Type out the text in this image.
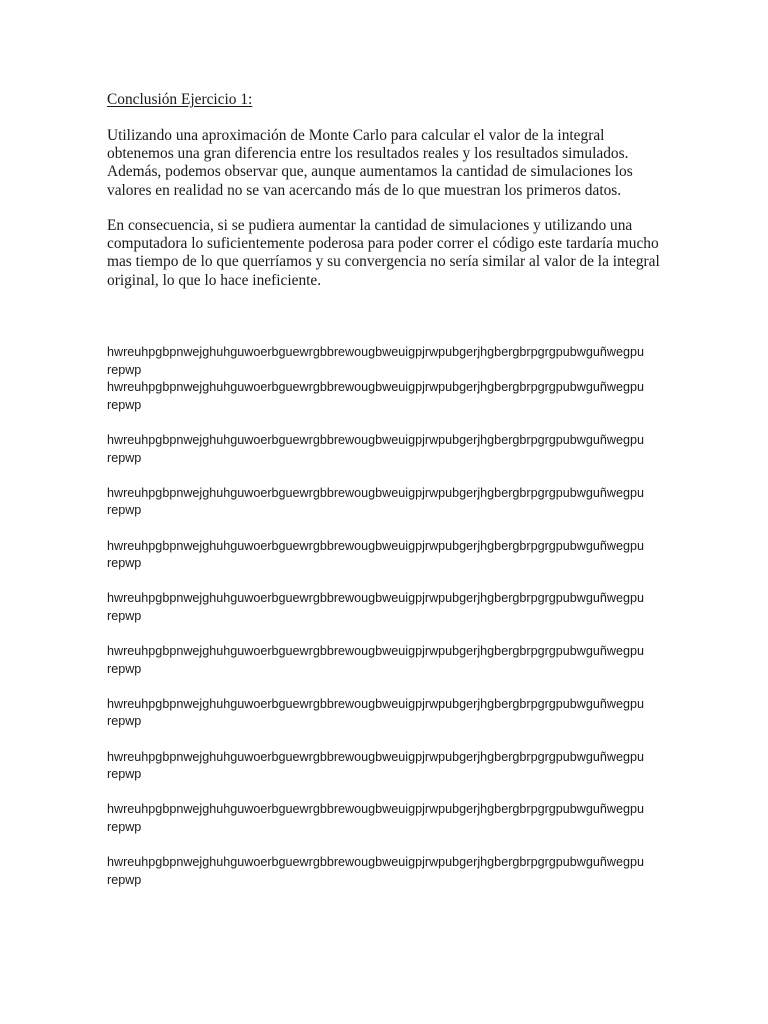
Conclusión Ejercicio 1:

Utilizando una aproximación de Monte Carlo para calcular el valor de la integral

obtenemos una gran diferencia entre los resultados reales y los resultados simulados.

Además, podemos observar que, aunque aumentamos la cantidad de simulaciones los

valores en realidad no se van acercando más de lo que muestran los primeros datos.

En consecuencia, si se pudiera aumentar la cantidad de simulaciones y utilizando una

computadora lo suficientemente poderosa para poder correr el código este tardaría mucho

mas tiempo de lo que querríamos y su convergencia no sería similar al valor de la integral

original, lo que lo hace ineficiente.

hwreuhpgbpnwejghuhguwoerbguewrgbbrewougbweuigpjrwpubgerjhgbergbrpgrgpubwguñwegpu
repwp
hwreuhpgbpnwejghuhguwoerbguewrgbbrewougbweuigpjrwpubgerjhgbergbrpgrgpubwguñwegpu
repwp
hwreuhpgbpnwejghuhguwoerbguewrgbbrewougbweuigpjrwpubgerjhgbergbrpgrgpubwguñwegpu
repwp
hwreuhpgbpnwejghuhguwoerbguewrgbbrewougbweuigpjrwpubgerjhgbergbrpgrgpubwguñwegpu
repwp
hwreuhpgbpnwejghuhguwoerbguewrgbbrewougbweuigpjrwpubgerjhgbergbrpgrgpubwguñwegpu
repwp
hwreuhpgbpnwejghuhguwoerbguewrgbbrewougbweuigpjrwpubgerjhgbergbrpgrgpubwguñwegpu
repwp
hwreuhpgbpnwejghuhguwoerbguewrgbbrewougbweuigpjrwpubgerjhgbergbrpgrgpubwguñwegpu
repwp
hwreuhpgbpnwejghuhguwoerbguewrgbbrewougbweuigpjrwpubgerjhgbergbrpgrgpubwguñwegpu
repwp
hwreuhpgbpnwejghuhguwoerbguewrgbbrewougbweuigpjrwpubgerjhgbergbrpgrgpubwguñwegpu
repwp
hwreuhpgbpnwejghuhguwoerbguewrgbbrewougbweuigpjrwpubgerjhgbergbrpgrgpubwguñwegpu
repwp
hwreuhpgbpnwejghuhguwoerbguewrgbbrewougbweuigpjrwpubgerjhgbergbrpgrgpubwguñwegpu
repwp
